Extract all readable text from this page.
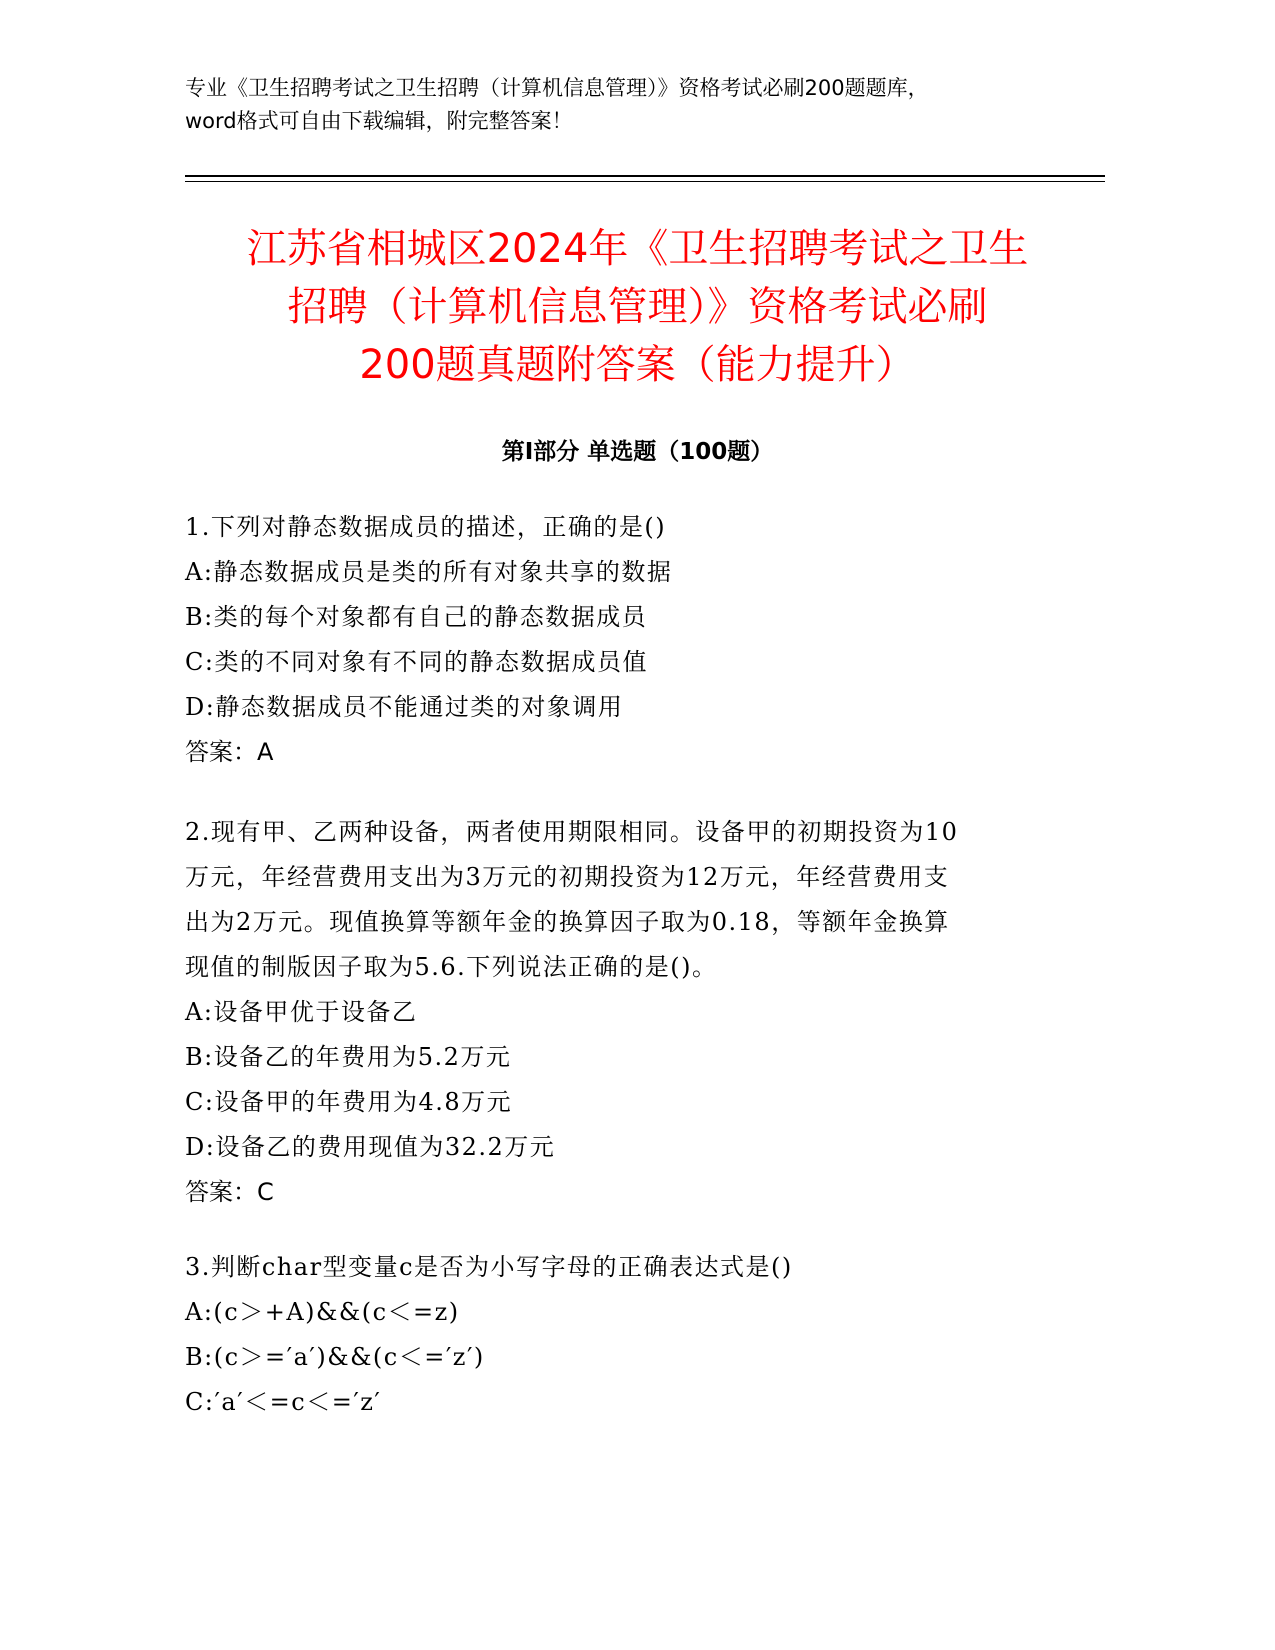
专业《卫生招聘考试之卫生招聘（计算机信息管理）》资格考试必刷200题题库，
word格式可自由下载编辑，附完整答案！
江苏省相城区2024年《卫生招聘考试之卫生
招聘（计算机信息管理）》资格考试必刷
200题真题附答案（能力提升）
第Ⅰ部分 单选题（100题）

1.下列对静态数据成员的描述，正确的是()

A:静态数据成员是类的所有对象共享的数据

B:类的每个对象都有自己的静态数据成员

C:类的不同对象有不同的静态数据成员值

D:静态数据成员不能通过类的对象调用

答案：A

2.现有甲、乙两种设备，两者使用期限相同。设备甲的初期投资为10

万元，年经营费用支出为3万元的初期投资为12万元，年经营费用支

出为2万元。现值换算等额年金的换算因子取为0.18，等额年金换算

现值的制版因子取为5.6.下列说法正确的是()。

A:设备甲优于设备乙

B:设备乙的年费用为5.2万元

C:设备甲的年费用为4.8万元

D:设备乙的费用现值为32.2万元

答案：C

3.判断char型变量c是否为小写字母的正确表达式是()

A:(c＞+A)&&(c＜=z)

B:(c＞=′a′)&&(c＜=′z′)

C:′a′＜=c＜=′z′
